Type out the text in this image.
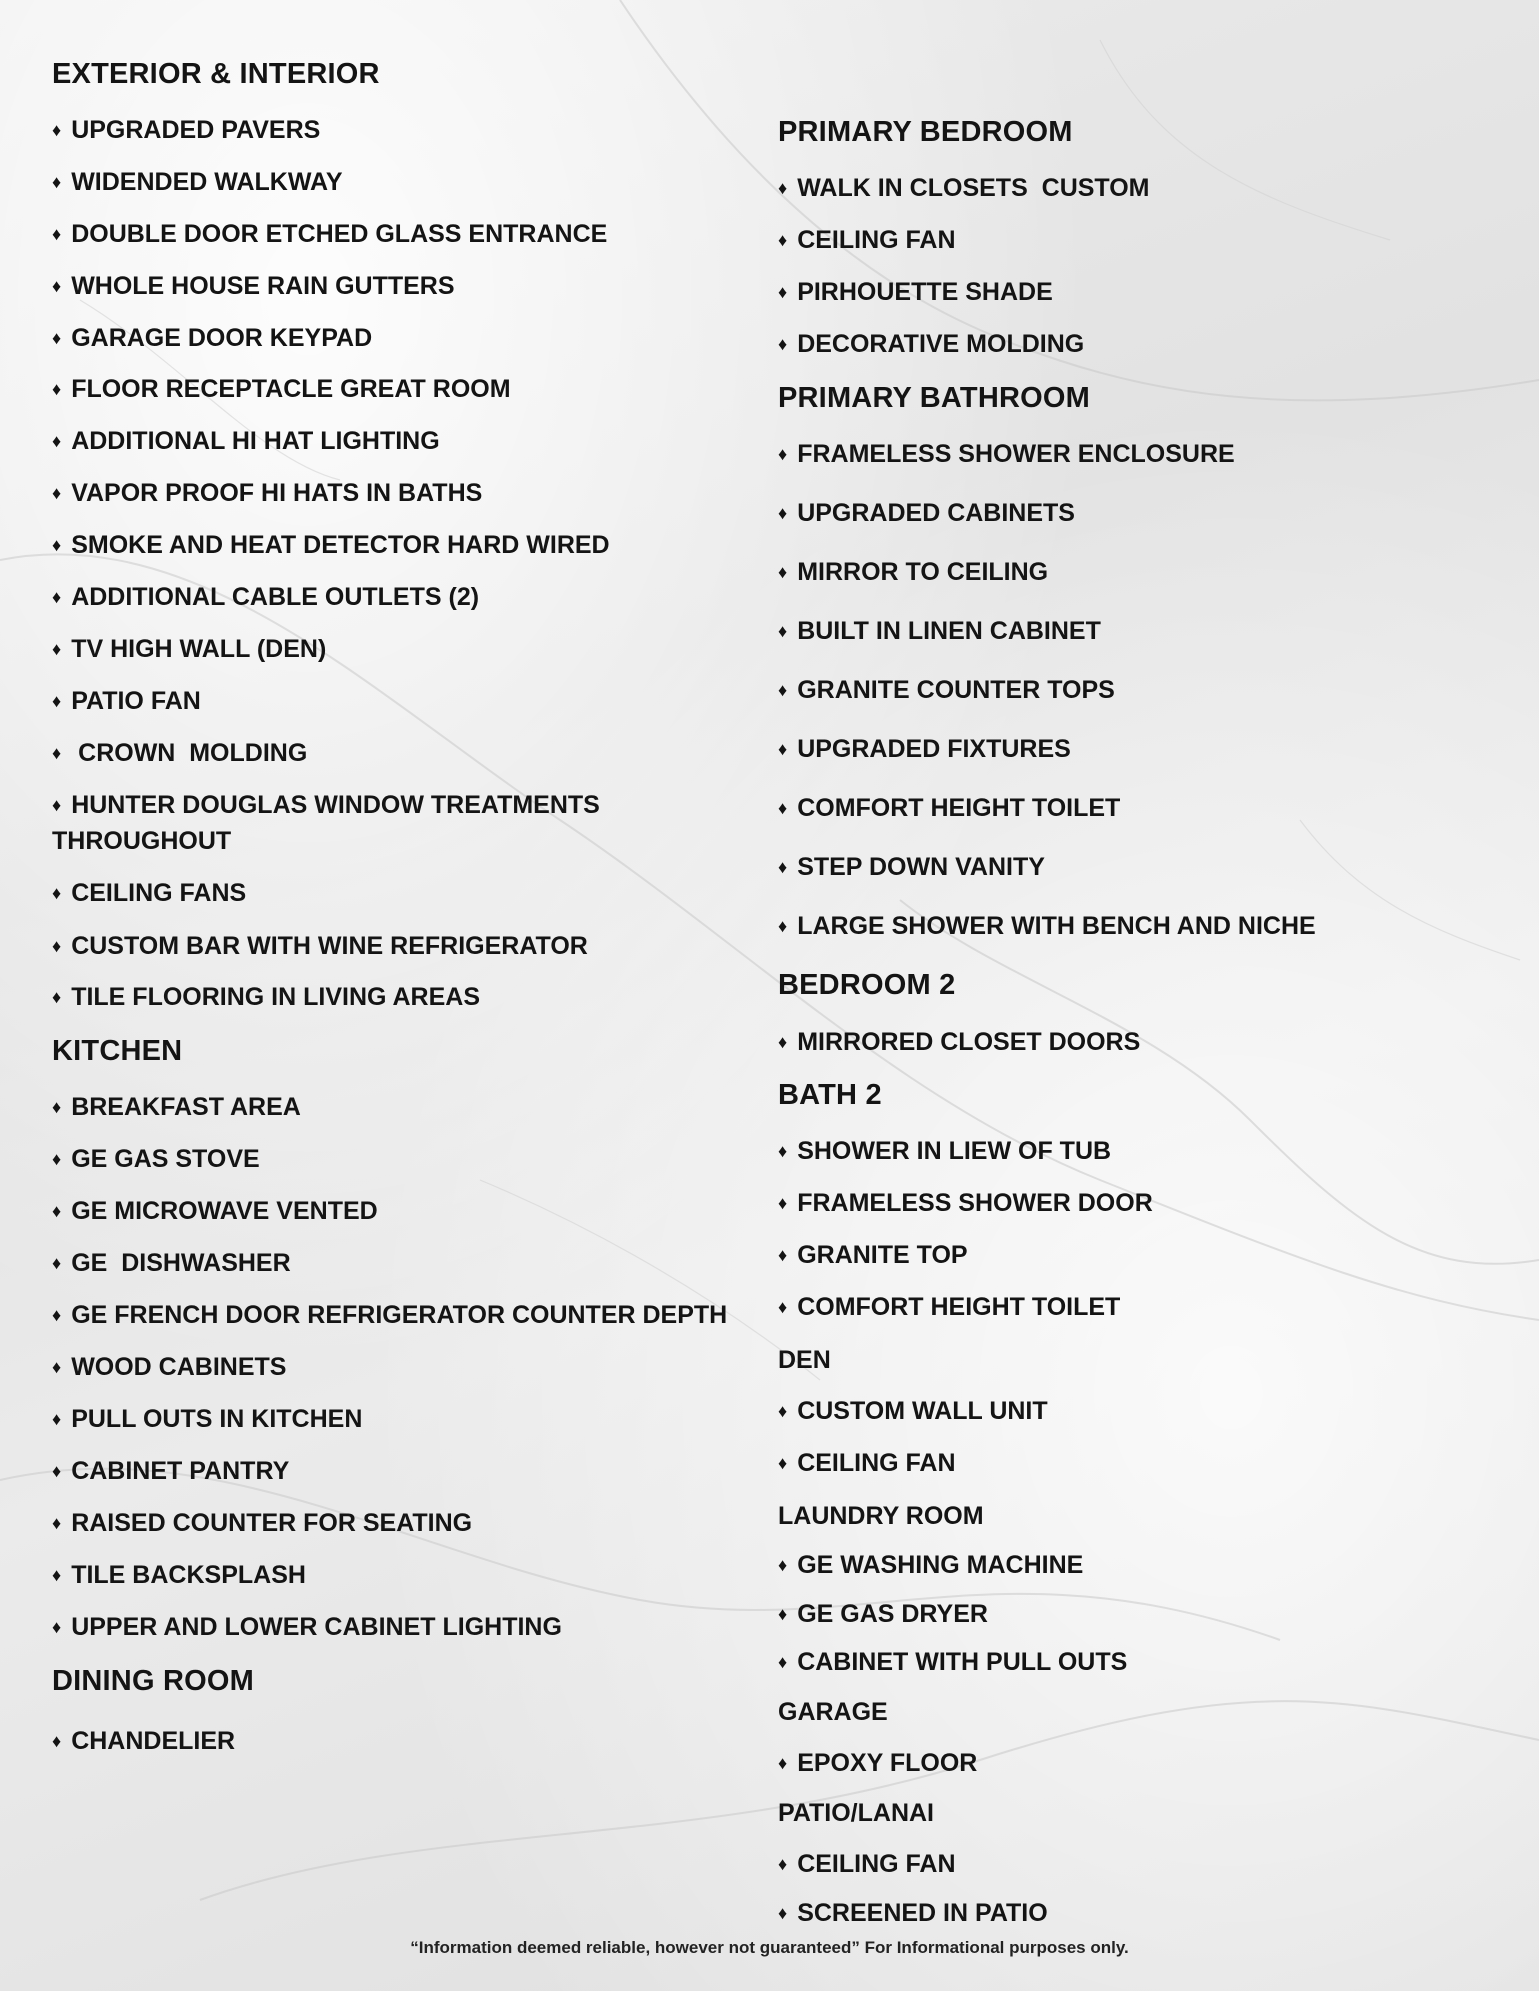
EXTERIOR & INTERIOR
♦ UPGRADED PAVERS
♦ WIDENDED WALKWAY
♦ DOUBLE DOOR ETCHED GLASS ENTRANCE
♦ WHOLE HOUSE RAIN GUTTERS
♦ GARAGE DOOR KEYPAD
♦ FLOOR RECEPTACLE GREAT ROOM
♦ ADDITIONAL HI HAT LIGHTING
♦ VAPOR PROOF HI HATS IN BATHS
♦ SMOKE AND HEAT DETECTOR HARD WIRED
♦ ADDITIONAL CABLE OUTLETS (2)
♦ TV HIGH WALL (DEN)
♦ PATIO FAN
♦ CROWN  MOLDING
♦ HUNTER DOUGLAS WINDOW TREATMENTS THROUGHOUT
♦ CEILING FANS
♦ CUSTOM BAR WITH WINE REFRIGERATOR
♦ TILE FLOORING IN LIVING AREAS
KITCHEN
♦ BREAKFAST AREA
♦ GE GAS STOVE
♦ GE MICROWAVE VENTED
♦ GE  DISHWASHER
♦ GE FRENCH DOOR REFRIGERATOR COUNTER DEPTH
♦ WOOD CABINETS
♦ PULL OUTS IN KITCHEN
♦ CABINET PANTRY
♦ RAISED COUNTER FOR SEATING
♦ TILE BACKSPLASH
♦ UPPER AND LOWER CABINET LIGHTING
DINING ROOM
♦ CHANDELIER
PRIMARY BEDROOM
♦ WALK IN CLOSETS  CUSTOM
♦ CEILING FAN
♦ PIRHOUETTE SHADE
♦ DECORATIVE MOLDING
PRIMARY BATHROOM
♦ FRAMELESS SHOWER ENCLOSURE
♦ UPGRADED CABINETS
♦ MIRROR TO CEILING
♦ BUILT IN LINEN CABINET
♦ GRANITE COUNTER TOPS
♦ UPGRADED FIXTURES
♦ COMFORT HEIGHT TOILET
♦ STEP DOWN VANITY
♦ LARGE SHOWER WITH BENCH AND NICHE
BEDROOM 2
♦ MIRRORED CLOSET DOORS
BATH 2
♦ SHOWER IN LIEW OF TUB
♦ FRAMELESS SHOWER DOOR
♦ GRANITE TOP
♦ COMFORT HEIGHT TOILET
DEN
♦ CUSTOM WALL UNIT
♦ CEILING FAN
LAUNDRY ROOM
♦ GE WASHING MACHINE
♦ GE GAS DRYER
♦ CABINET WITH PULL OUTS
GARAGE
♦ EPOXY FLOOR
PATIO/LANAI
♦ CEILING FAN
♦ SCREENED IN PATIO
“Information deemed reliable, however not guaranteed” For Informational purposes only.
